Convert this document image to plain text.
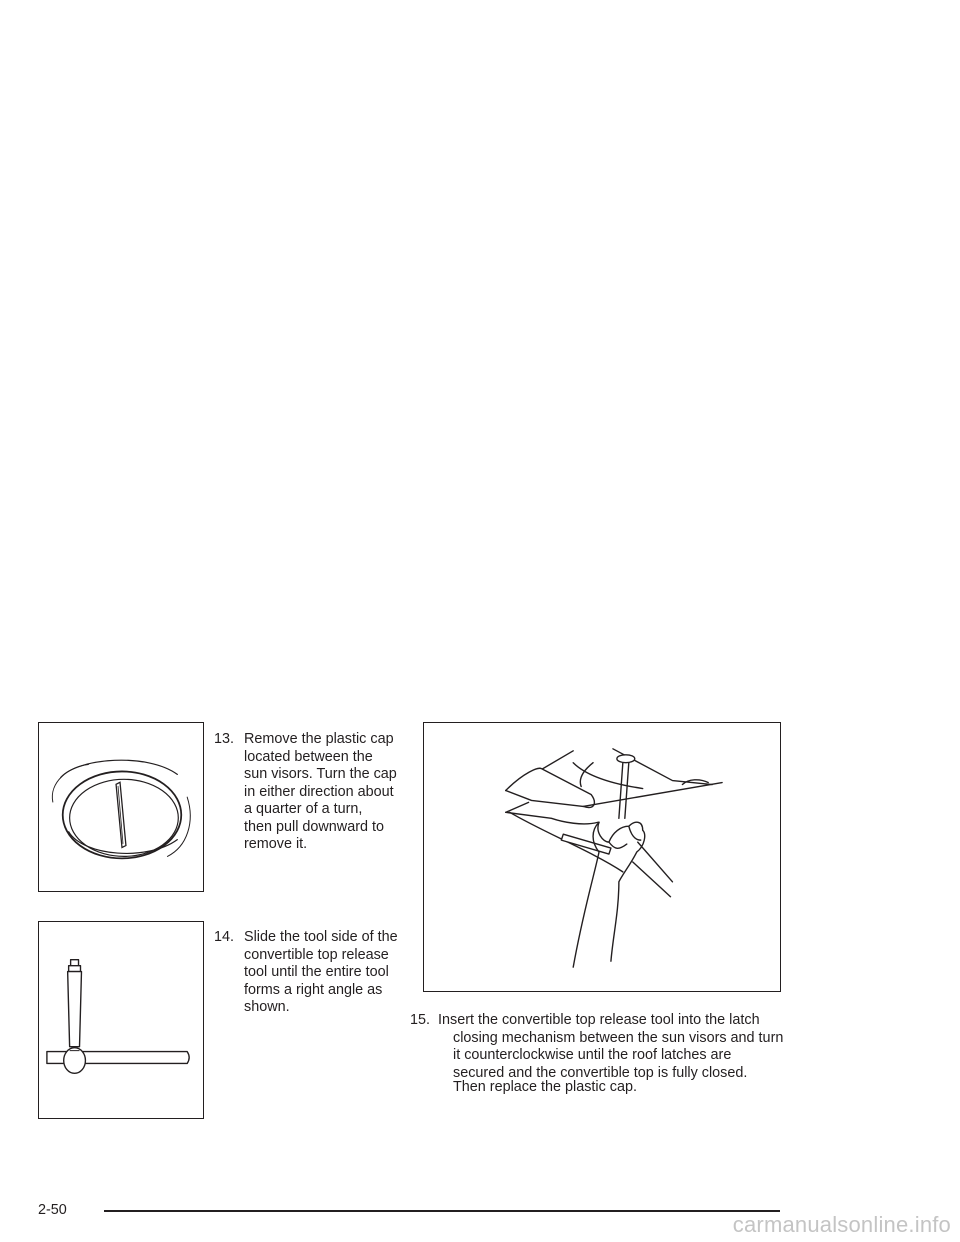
13. Remove the plastic cap
located between the
sun visors. Turn the cap
in either direction about
a quarter of a turn,
then pull downward to
remove it.
14. Slide the tool side of the
convertible top release
tool until the entire tool
forms a right angle as
shown.
15. Insert the convertible top release tool into the latch
closing mechanism between the sun visors and turn
it counterclockwise until the roof latches are
secured and the convertible top is fully closed.

Then replace the plastic cap.

2-50
carmanualsonline.info
